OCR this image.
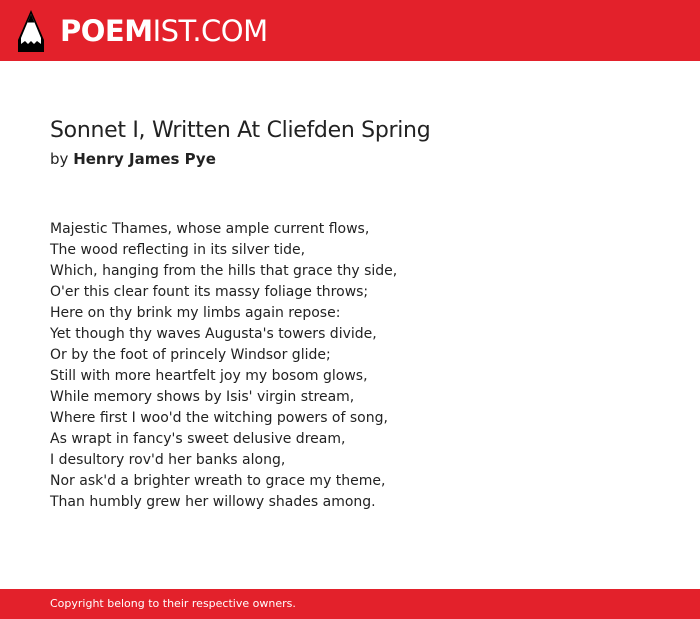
POEMIST.COM
Sonnet I, Written At Cliefden Spring
by Henry James Pye
Majestic Thames, whose ample current flows,
The wood reflecting in its silver tide,
Which, hanging from the hills that grace thy side,
O'er this clear fount its massy foliage throws;
Here on thy brink my limbs again repose:
Yet though thy waves Augusta's towers divide,
Or by the foot of princely Windsor glide;
Still with more heartfelt joy my bosom glows,
While memory shows by Isis' virgin stream,
Where first I woo'd the witching powers of song,
As wrapt in fancy's sweet delusive dream,
I desultory rov'd her banks along,
Nor ask'd a brighter wreath to grace my theme,
Than humbly grew her willowy shades among.
Copyright belong to their respective owners.
